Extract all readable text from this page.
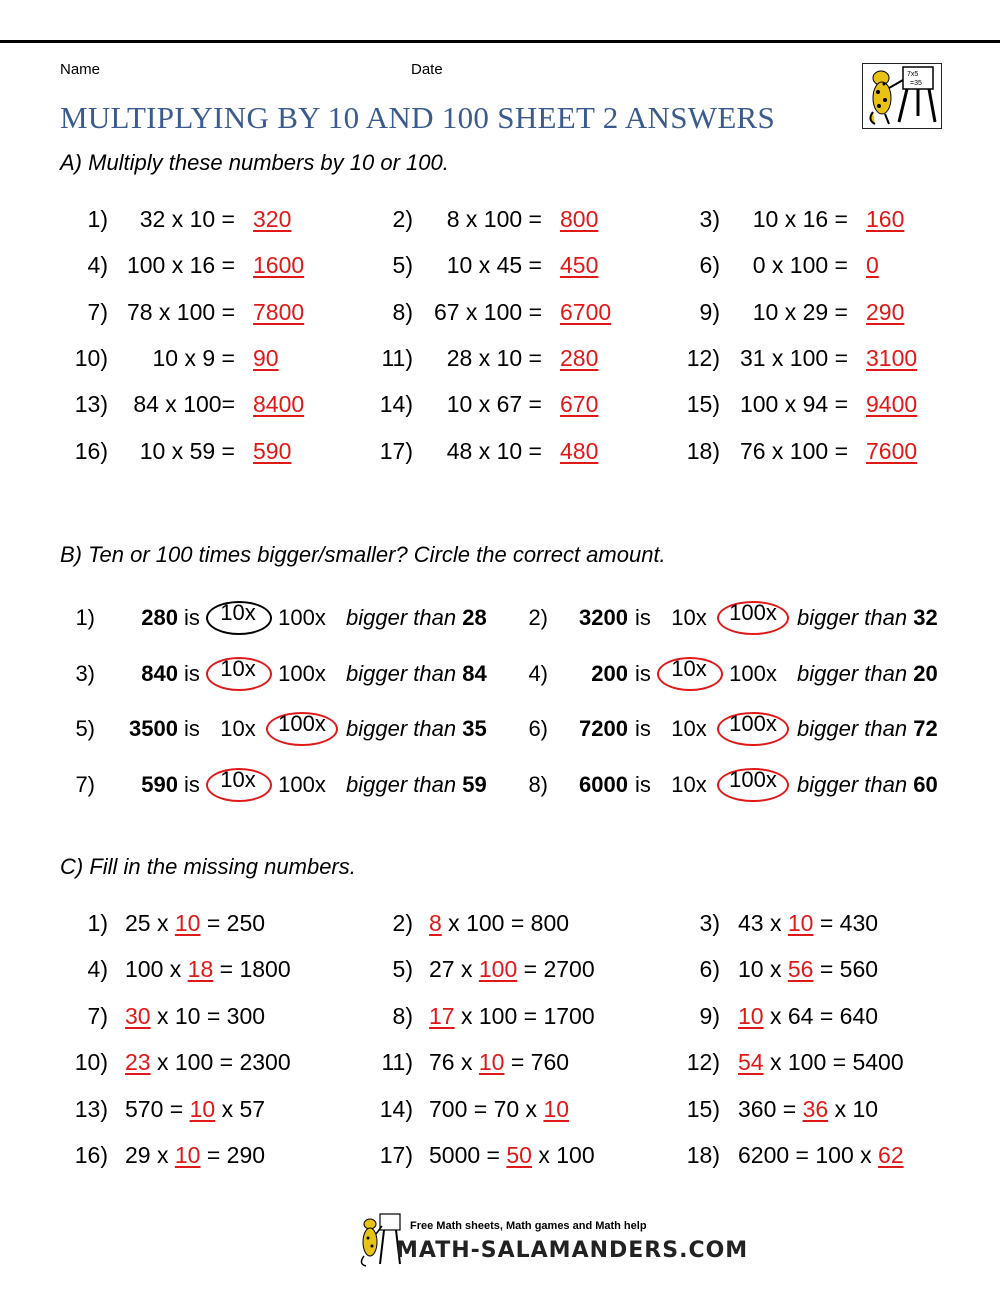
Name	Date
MULTIPLYING BY 10 AND 100 SHEET 2 ANSWERS
7x5
=35
A) Multiply these numbers by 10 or 100.
1) 32 x 10 = 320	2) 8 x 100 = 800	3) 10 x 16 = 160
4) 100 x 16 = 1600	5) 10 x 45 = 450	6) 0 x 100 = 0
7) 78 x 100 = 7800	8) 67 x 100 = 6700	9) 10 x 29 = 290
10) 10 x 9 = 90	11) 28 x 10 = 280	12) 31 x 100 = 3100
13) 84 x 100= 8400	14) 10 x 67 = 670	15) 100 x 94 = 9400
16) 10 x 59 = 590	17) 48 x 10 = 480	18) 76 x 100 = 7600
B) Ten or 100 times bigger/smaller? Circle the correct amount.
1) 280 is 10x 100x bigger than 28	2) 3200 is 10x 100x bigger than 32
3) 840 is 10x 100x bigger than 84	4) 200 is 10x 100x bigger than 20
5) 3500 is 10x 100x bigger than 35	6) 7200 is 10x 100x bigger than 72
7) 590 is 10x 100x bigger than 59	8) 6000 is 10x 100x bigger than 60
C) Fill in the missing numbers.
1) 25 x 10 = 250	2) 8 x 100 = 800	3) 43 x 10 = 430
4) 100 x 18 = 1800	5) 27 x 100 = 2700	6) 10 x 56 = 560
7) 30 x 10 = 300	8) 17 x 100 = 1700	9) 10 x 64 = 640
10) 23 x 100 = 2300	11) 76 x 10 = 760	12) 54 x 100 = 5400
13) 570 = 10 x 57	14) 700 = 70 x 10	15) 360 = 36 x 10
16) 29 x 10 = 290	17) 5000 = 50 x 100	18) 6200 = 100 x 62
Free Math sheets, Math games and Math help
MATH-SALAMANDERS.COM
